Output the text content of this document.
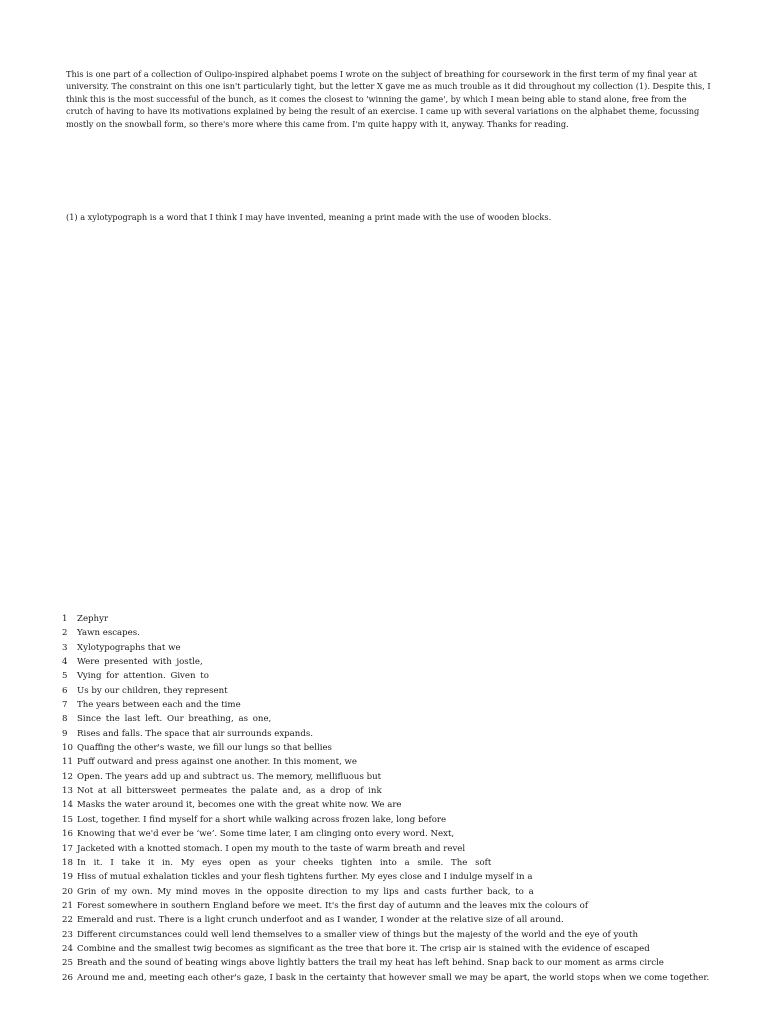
This is one part of a collection of Oulipo-inspired alphabet poems I wrote on the subject of breathing for coursework in the first term of my final year at university. The constraint on this one isn't particularly tight, but the letter X gave me as much trouble as it did throughout my collection (1). Despite this, I think this is the most successful of the bunch, as it comes the closest to 'winning the game', by which I mean being able to stand alone, free from the crutch of having to have its motivations explained by being the result of an exercise. I came up with several variations on the alphabet theme, focussing mostly on the snowball form, so there's more where this came from. I'm quite happy with it, anyway. Thanks for reading.

(1) a xylotypograph is a word that I think I may have invented, meaning a print made with the use of wooden blocks.

1	Zephyr
2	Yawn escapes.
3	Xylotypographs that we
4	Were presented with jostle,
5	Vying for attention. Given to
6	Us by our children, they represent
7	The years between each and the time
8	Since the last left. Our breathing, as one,
9	Rises and falls. The space that air surrounds expands.
10 Quaffing the other's waste, we fill our lungs so that bellies
11 Puff outward and press against one another. In this moment, we
12 Open. The years add up and subtract us. The memory, mellifluous but
13 Not at all bittersweet permeates the palate and, as a drop of ink
14 Masks the water around it, becomes one with the great white now. We are
15 Lost, together. I find myself for a short while walking across frozen lake, long before
16 Knowing that we'd ever be ‘we’. Some time later, I am clinging onto every word. Next,
17 Jacketed with a knotted stomach. I open my mouth to the taste of warm breath and revel
18 In it. I take it in. My eyes open as your cheeks tighten into a smile. The soft
19 Hiss of mutual exhalation tickles and your flesh tightens further. My eyes close and I indulge myself in a
20 Grin of my own. My mind moves in the opposite direction to my lips and casts further back, to a
21 Forest somewhere in southern England before we meet. It's the first day of autumn and the leaves mix the colours of
22 Emerald and rust. There is a light crunch underfoot and as I wander, I wonder at the relative size of all around.
23 Different circumstances could well lend themselves to a smaller view of things but the majesty of the world and the eye of youth
24 Combine and the smallest twig becomes as significant as the tree that bore it. The crisp air is stained with the evidence of escaped
25 Breath and the sound of beating wings above lightly batters the trail my heat has left behind. Snap back to our moment as arms circle
26 Around me and, meeting each other's gaze, I bask in the certainty that however small we may be apart, the world stops when we come together.
